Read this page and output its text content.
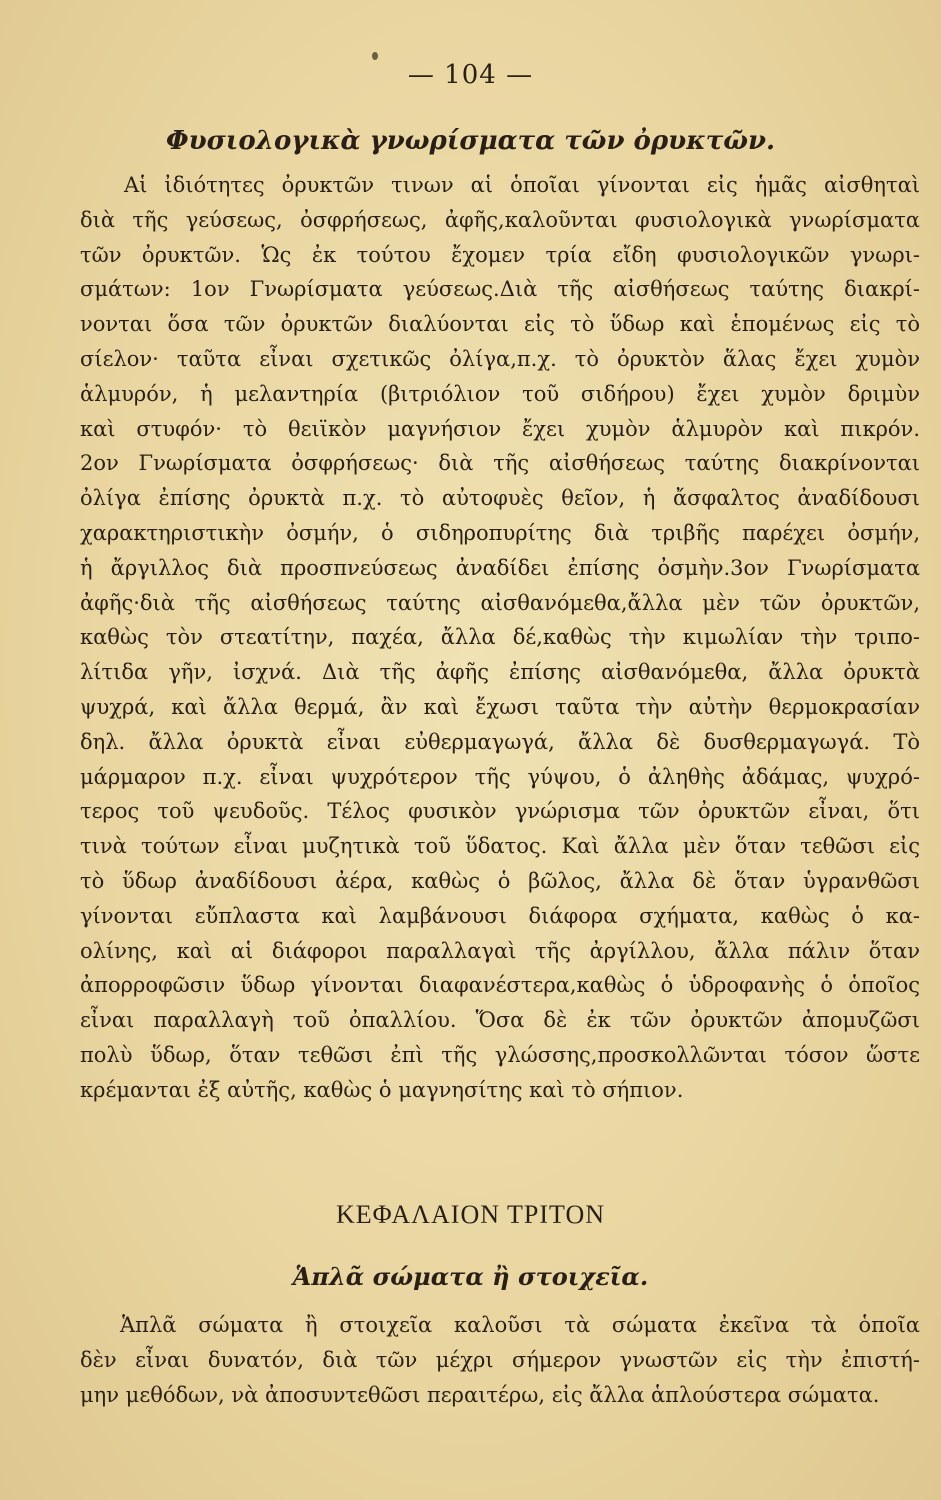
— 104 —
Φυσιολογικὰ γνωρίσματα τῶν ὀρυκτῶν.

Αἱ ἰδιότητες ὀρυκτῶν τινων αἱ ὁποῖαι γίνονται εἰς ἡμᾶς αἰσθηταὶ

διὰ τῆς γεύσεως, ὀσφρήσεως, ἀφῆς,καλοῦνται φυσιολογικὰ γνωρίσματα

τῶν ὀρυκτῶν. Ὡς ἐκ τούτου ἔχομεν τρία εἴδη φυσιολογικῶν γνωρι-

σμάτων: 1ον Γνωρίσματα γεύσεως.Διὰ τῆς αἰσθήσεως ταύτης διακρί-

νονται ὅσα τῶν ὀρυκτῶν διαλύονται εἰς τὸ ὕδωρ καὶ ἑπομένως εἰς τὸ

σίελον· ταῦτα εἶναι σχετικῶς ὀλίγα,π.χ. τὸ ὀρυκτὸν ἅλας ἔχει χυμὸν

ἁλμυρόν, ἡ μελαντηρία (βιτριόλιον τοῦ σιδήρου) ἔχει χυμὸν δριμὺν

καὶ στυφόν· τὸ θειϊκὸν μαγνήσιον ἔχει χυμὸν ἁλμυρὸν καὶ πικρόν.

2ον Γνωρίσματα ὀσφρήσεως· διὰ τῆς αἰσθήσεως ταύτης διακρίνονται

ὀλίγα ἐπίσης ὀρυκτὰ π.χ. τὸ αὐτοφυὲς θεῖον, ἡ ἄσφαλτος ἀναδίδουσι

χαρακτηριστικὴν ὀσμήν, ὁ σιδηροπυρίτης διὰ τριβῆς παρέχει ὀσμήν,

ἡ ἄργιλλος διὰ προσπνεύσεως ἀναδίδει ἐπίσης ὀσμὴν.3ον Γνωρίσματα

ἀφῆς·διὰ τῆς αἰσθήσεως ταύτης αἰσθανόμεθα,ἄλλα μὲν τῶν ὀρυκτῶν,

καθὼς τὸν στεατίτην, παχέα, ἄλλα δέ,καθὼς τὴν κιμωλίαν τὴν τριπο-

λίτιδα γῆν, ἰσχνά. Διὰ τῆς ἀφῆς ἐπίσης αἰσθανόμεθα, ἄλλα ὀρυκτὰ

ψυχρά, καὶ ἄλλα θερμά, ἂν καὶ ἔχωσι ταῦτα τὴν αὐτὴν θερμοκρασίαν

δηλ. ἄλλα ὀρυκτὰ εἶναι εὐθερμαγωγά, ἄλλα δὲ δυσθερμαγωγά. Τὸ

μάρμαρον π.χ. εἶναι ψυχρότερον τῆς γύψου, ὁ ἀληθὴς ἀδάμας, ψυχρό-

τερος τοῦ ψευδοῦς. Τέλος φυσικὸν γνώρισμα τῶν ὀρυκτῶν εἶναι, ὅτι

τινὰ τούτων εἶναι μυζητικὰ τοῦ ὕδατος. Καὶ ἄλλα μὲν ὅταν τεθῶσι εἰς

τὸ ὕδωρ ἀναδίδουσι ἀέρα, καθὼς ὁ βῶλος, ἄλλα δὲ ὅταν ὑγρανθῶσι

γίνονται εὔπλαστα καὶ λαμβάνουσι διάφορα σχήματα, καθὼς ὁ κα-

ολίνης, καὶ αἱ διάφοροι παραλλαγαὶ τῆς ἀργίλλου, ἄλλα πάλιν ὅταν

ἀπορροφῶσιν ὕδωρ γίνονται διαφανέστερα,καθὼς ὁ ὑδροφανὴς ὁ ὁποῖος

εἶναι παραλλαγὴ τοῦ ὀπαλλίου. Ὅσα δὲ ἐκ τῶν ὀρυκτῶν ἀπομυζῶσι

πολὺ ὕδωρ, ὅταν τεθῶσι ἐπὶ τῆς γλώσσης,προσκολλῶνται τόσον ὥστε

κρέμανται ἐξ αὐτῆς, καθὼς ὁ μαγνησίτης καὶ τὸ σήπιον.

ΚΕΦΑΛΑΙΟΝ ΤΡΙΤΟΝ
Ἁπλᾶ σώματα ἢ στοιχεῖα.

Ἁπλᾶ σώματα ἢ στοιχεῖα καλοῦσι τὰ σώματα ἐκεῖνα τὰ ὁποῖα

δὲν εἶναι δυνατόν, διὰ τῶν μέχρι σήμερον γνωστῶν εἰς τὴν ἐπιστή-

μην μεθόδων, νὰ ἀποσυντεθῶσι περαιτέρω, εἰς ἄλλα ἁπλούστερα σώματα.
